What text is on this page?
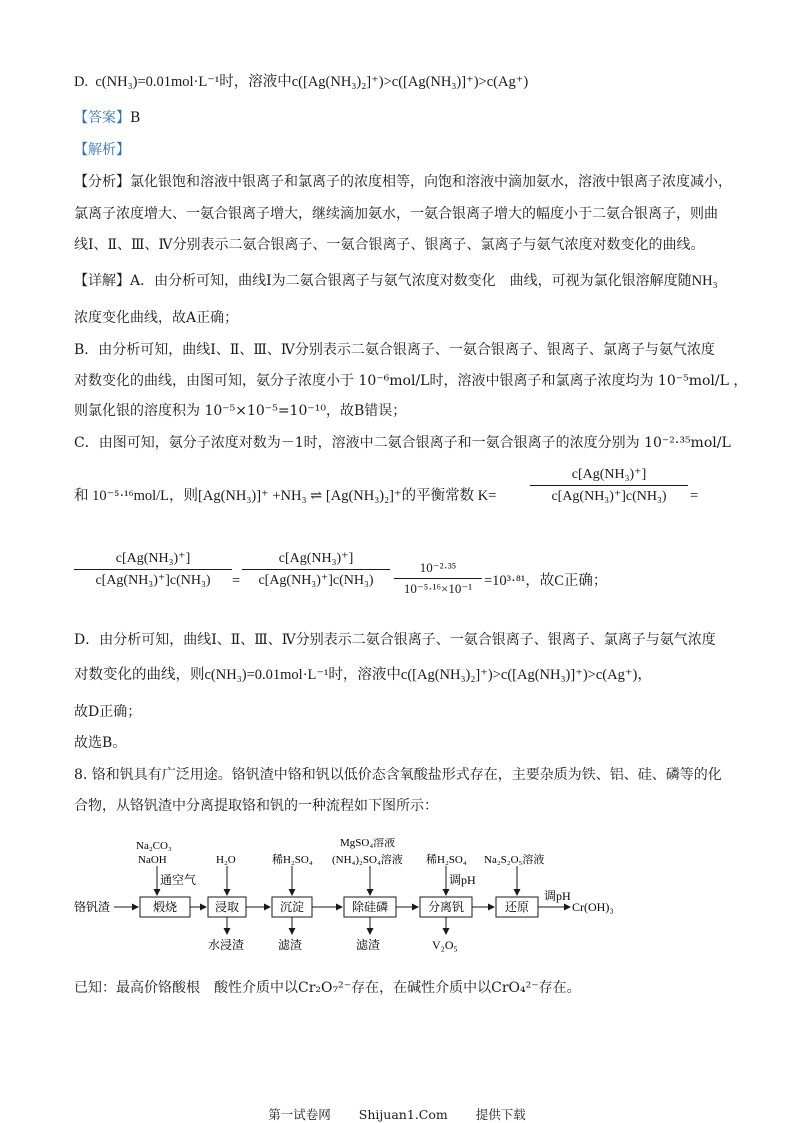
D. c(NH₃)=0.01mol·L⁻¹时，溶液中c([Ag(NH₃)₂]⁺)>c([Ag(NH₃)]⁺)>c(Ag⁺)
【答案】B
【解析】
【分析】氯化银饱和溶液中银离子和氯离子的浓度相等，向饱和溶液中滴加氨水，溶液中银离子浓度减小，
氯离子浓度增大、一氨合银离子增大，继续滴加氨水，一氨合银离子增大的幅度小于二氨合银离子，则曲
线Ⅰ、Ⅱ、Ⅲ、Ⅳ分别表示二氨合银离子、一氨合银离子、银离子、氯离子与氨气浓度对数变化的曲线。
【详解】A．由分析可知，曲线Ⅰ为二氨合银离子与氨气浓度对数变化　曲线，可视为氯化银溶解度随NH₃
浓度变化曲线，故A正确；
B．由分析可知，曲线Ⅰ、Ⅱ、Ⅲ、Ⅳ分别表示二氨合银离子、一氨合银离子、银离子、氯离子与氨气浓度
对数变化的曲线，由图可知，氨分子浓度小于 10⁻⁶mol/L时，溶液中银离子和氯离子浓度均为 10⁻⁵mol/L ，
则氯化银的溶度积为 10⁻⁵×10⁻⁵=10⁻¹⁰，故B错误；
C．由图可知，氨分子浓度对数为－1时，溶液中二氨合银离子和一氨合银离子的浓度分别为 10⁻²·³⁵mol/L
和 10⁻⁵·¹⁶mol/L，则[Ag(NH₃)]⁺ +NH₃ ⇌ [Ag(NH₃)₂]⁺的平衡常数 K=
c[Ag(NH₃)⁺]
c[Ag(NH₃)⁺]c(NH₃)	=
c[Ag(NH₃)⁺]
c[Ag(NH₃)⁺]c(NH₃)	=
c[Ag(NH₃)⁺]
c[Ag(NH₃)⁺]c(NH₃)
10⁻²·³⁵
10⁻⁵·¹⁶×10⁻¹ =10³·⁸¹，故C正确；
D．由分析可知，曲线Ⅰ、Ⅱ、Ⅲ、Ⅳ分别表示二氨合银离子、一氨合银离子、银离子、氯离子与氨气浓度
对数变化的曲线，则c(NH₃)=0.01mol·L⁻¹时，溶液中c([Ag(NH₃)₂]⁺)>c([Ag(NH₃)]⁺)>c(Ag⁺)，
故D正确；
故选B。
8. 铬和钒具有广泛用途。铬钒渣中铬和钒以低价态含氧酸盐形式存在，主要杂质为铁、铝、硅、磷等的化
合物，从铬钒渣中分离提取铬和钒的一种流程如下图所示：
铬钒渣	煅烧	浸取	沉淀	除硅磷	分离钒	还原
调pH
Cr(OH)₃
Na₂CO₃
NaOH
通空气
H₂O	稀H₂SO₄
MgSO₄溶液
(NH₄)₂SO₄溶液 稀H₂SO₄
调pH
Na₂S₂O₅溶液
水浸渣	滤渣	滤渣	V₂O₅
已知：最高价铬酸根　酸性介质中以Cr₂O₇²⁻存在，在碱性介质中以CrO₄²⁻存在。
第一试卷网 Shijuan1.Com 提供下载
